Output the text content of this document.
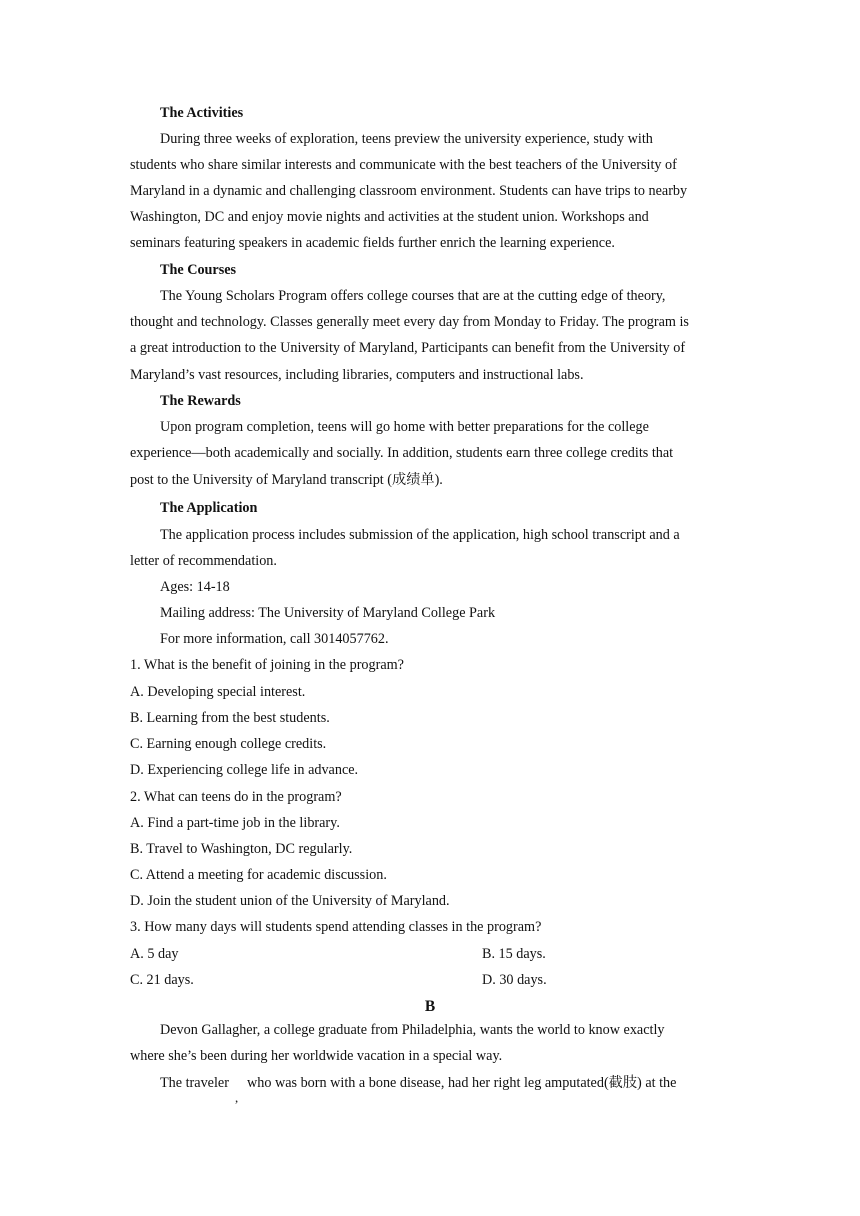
The Activities
During three weeks of exploration, teens preview the university experience, study with
students who share similar interests and communicate with the best teachers of the University of
Maryland in a dynamic and challenging classroom environment. Students can have trips to nearby
Washington, DC and enjoy movie nights and activities at the student union. Workshops and
seminars featuring speakers in academic fields further enrich the learning experience.
The Courses
The Young Scholars Program offers college courses that are at the cutting edge of theory,
thought and technology. Classes generally meet every day from Monday to Friday. The program is
a great introduction to the University of Maryland, Participants can benefit from the University of
Maryland’s vast resources, including libraries, computers and instructional labs.
The Rewards
Upon program completion, teens will go home with better preparations for the college
experience—both academically and socially. In addition, students earn three college credits that
post to the University of Maryland transcript (成绩单).
The Application
The application process includes submission of the application, high school transcript and a
letter of recommendation.
Ages: 14-18
Mailing address: The University of Maryland College Park
For more information, call 3014057762.
1. What is the benefit of joining in the program?
A. Developing special interest.
B. Learning from the best students.
C. Earning enough college credits.
D. Experiencing college life in advance.
2. What can teens do in the program?
A. Find a part-time job in the library.
B. Travel to Washington, DC regularly.
C. Attend a meeting for academic discussion.
D. Join the student union of the University of Maryland.
3. How many days will students spend attending classes in the program?
A. 5 day	B. 15 days.
C. 21 days.	D. 30 days.
B
Devon Gallagher, a college graduate from Philadelphia, wants the world to know exactly
where she’s been during her worldwide vacation in a special way.
The traveler who was born with a bone disease, had her right leg amputated(截肢) at the
,
